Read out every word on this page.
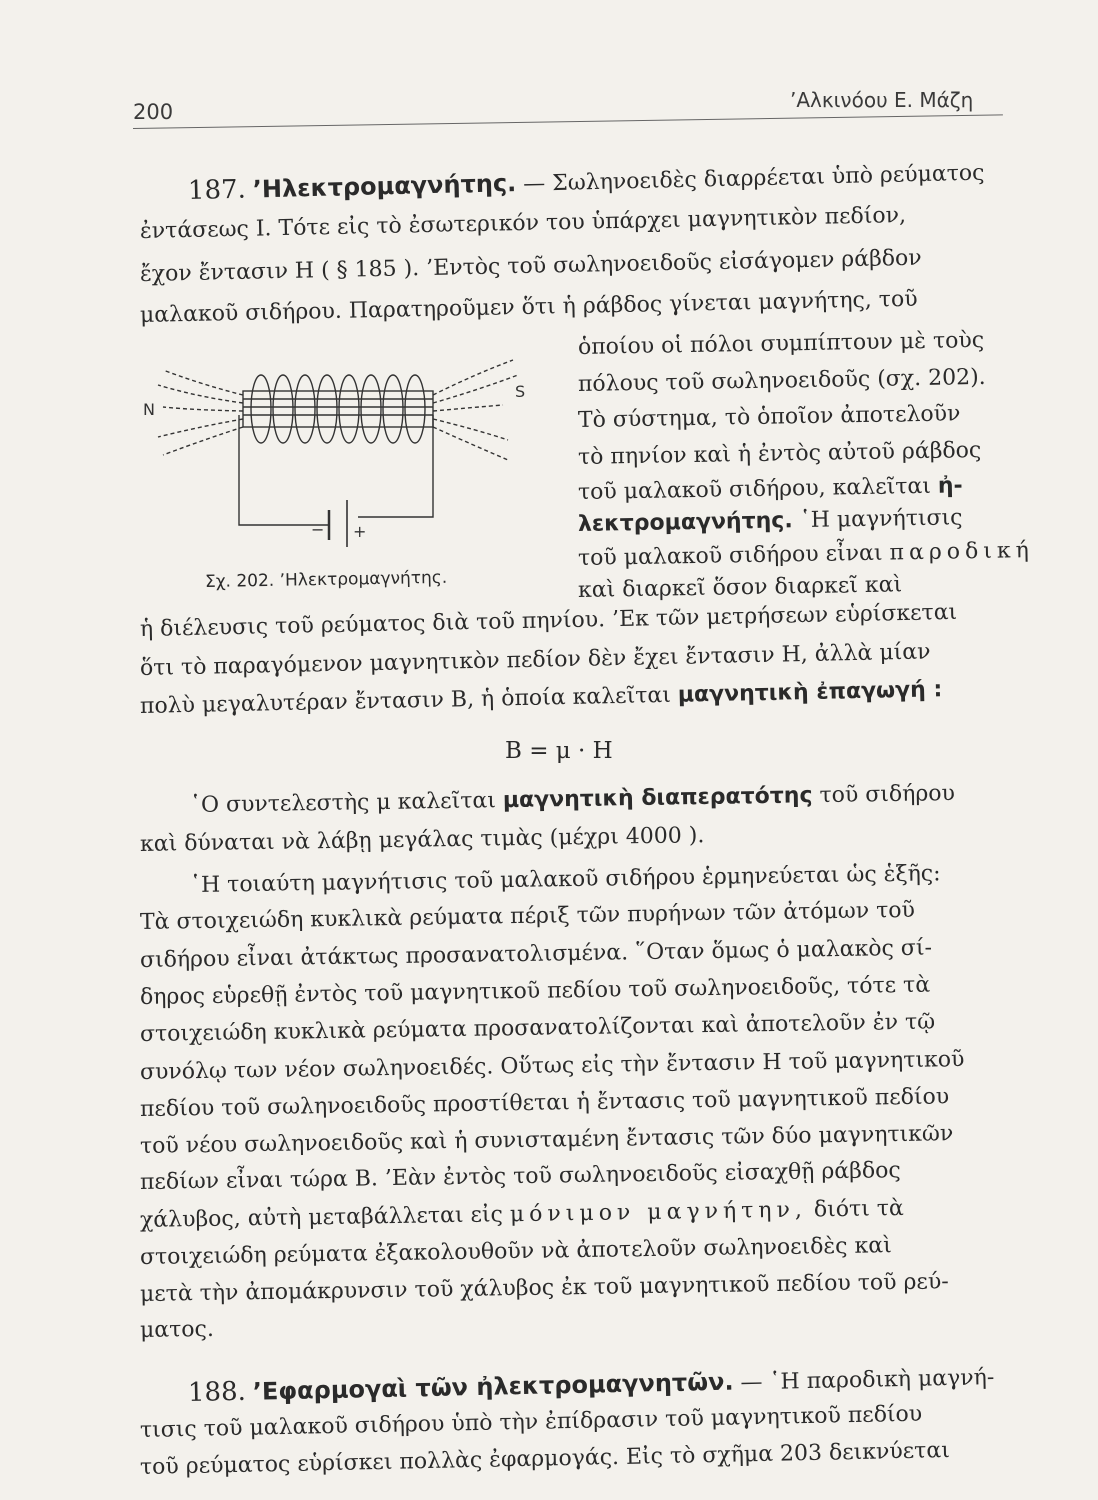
200	’Αλκινόου Ε. Μάζη
187. ’Ηλεκτρομαγνήτης. — Σωληνοειδὲς διαρρέεται ὑπὸ ρεύματος
ἐντάσεως Ι. Τότε εἰς τὸ ἐσωτερικόν του ὑπάρχει μαγνητικὸν πεδίον,
ἔχον ἔντασιν Η ( § 185 ). ’Εντὸς τοῦ σωληνοειδοῦς εἰσάγομεν ράβδον
μαλακοῦ σιδήρου. Παρατηροῦμεν ὅτι ἡ ράβδος γίνεται μαγνήτης, τοῦ
ὁποίου οἱ πόλοι συμπίπτουν μὲ τοὺς
πόλους τοῦ σωληνοειδοῦς (σχ. 202).
Τὸ σύστημα, τὸ ὁποῖον ἀποτελοῦν
τὸ πηνίον καὶ ἡ ἐντὸς αὐτοῦ ράβδος
τοῦ μαλακοῦ σιδήρου, καλεῖται ἠ-
λεκτρομαγνήτης. ῾Η μαγνήτισις
τοῦ μαλακοῦ σιδήρου εἶναι παροδική
καὶ διαρκεῖ ὅσον διαρκεῖ καὶ
ἡ διέλευσις τοῦ ρεύματος διὰ τοῦ πηνίου. ’Εκ τῶν μετρήσεων εὑρίσκεται
ὅτι τὸ παραγόμενον μαγνητικὸν πεδίον δὲν ἔχει ἔντασιν Η, ἀλλὰ μίαν
πολὺ μεγαλυτέραν ἔντασιν Β, ἡ ὁποία καλεῖται μαγνητικὴ ἐπαγωγή :
Β = μ · Η
῾Ο συντελεστὴς μ καλεῖται μαγνητικὴ διαπερατότης τοῦ σιδήρου
καὶ δύναται νὰ λάβῃ μεγάλας τιμὰς (μέχρι 4000 ).
῾Η τοιαύτη μαγνήτισις τοῦ μαλακοῦ σιδήρου ἑρμηνεύεται ὡς ἑξῆς:
Τὰ στοιχειώδη κυκλικὰ ρεύματα πέριξ τῶν πυρήνων τῶν ἀτόμων τοῦ
σιδήρου εἶναι ἀτάκτως προσανατολισμένα. ῞Οταν ὅμως ὁ μαλακὸς σί-
δηρος εὑρεθῇ ἐντὸς τοῦ μαγνητικοῦ πεδίου τοῦ σωληνοειδοῦς, τότε τὰ
στοιχειώδη κυκλικὰ ρεύματα προσανατολίζονται καὶ ἀποτελοῦν ἐν τῷ
συνόλῳ των νέον σωληνοειδές. Οὕτως εἰς τὴν ἔντασιν Η τοῦ μαγνητικοῦ
πεδίου τοῦ σωληνοειδοῦς προστίθεται ἡ ἔντασις τοῦ μαγνητικοῦ πεδίου
τοῦ νέου σωληνοειδοῦς καὶ ἡ συνισταμένη ἔντασις τῶν δύο μαγνητικῶν
πεδίων εἶναι τώρα Β. ’Εὰν ἐντὸς τοῦ σωληνοειδοῦς εἰσαχθῇ ράβδος
χάλυβος, αὐτὴ μεταβάλλεται εἰς μόνιμον μαγνήτην, διότι τὰ
στοιχειώδη ρεύματα ἐξακολουθοῦν νὰ ἀποτελοῦν σωληνοειδὲς καὶ
μετὰ τὴν ἀπομάκρυνσιν τοῦ χάλυβος ἐκ τοῦ μαγνητικοῦ πεδίου τοῦ ρεύ-
ματος.
188. ’Εφαρμογαὶ τῶν ἠλεκτρομαγνητῶν. — ῾Η παροδικὴ μαγνή-
τισις τοῦ μαλακοῦ σιδήρου ὑπὸ τὴν ἐπίδρασιν τοῦ μαγνητικοῦ πεδίου
τοῦ ρεύματος εὑρίσκει πολλὰς ἐφαρμογάς. Εἰς τὸ σχῆμα 203 δεικνύεται
N
S
− +
Σχ. 202. ’Ηλεκτρομαγνήτης.
